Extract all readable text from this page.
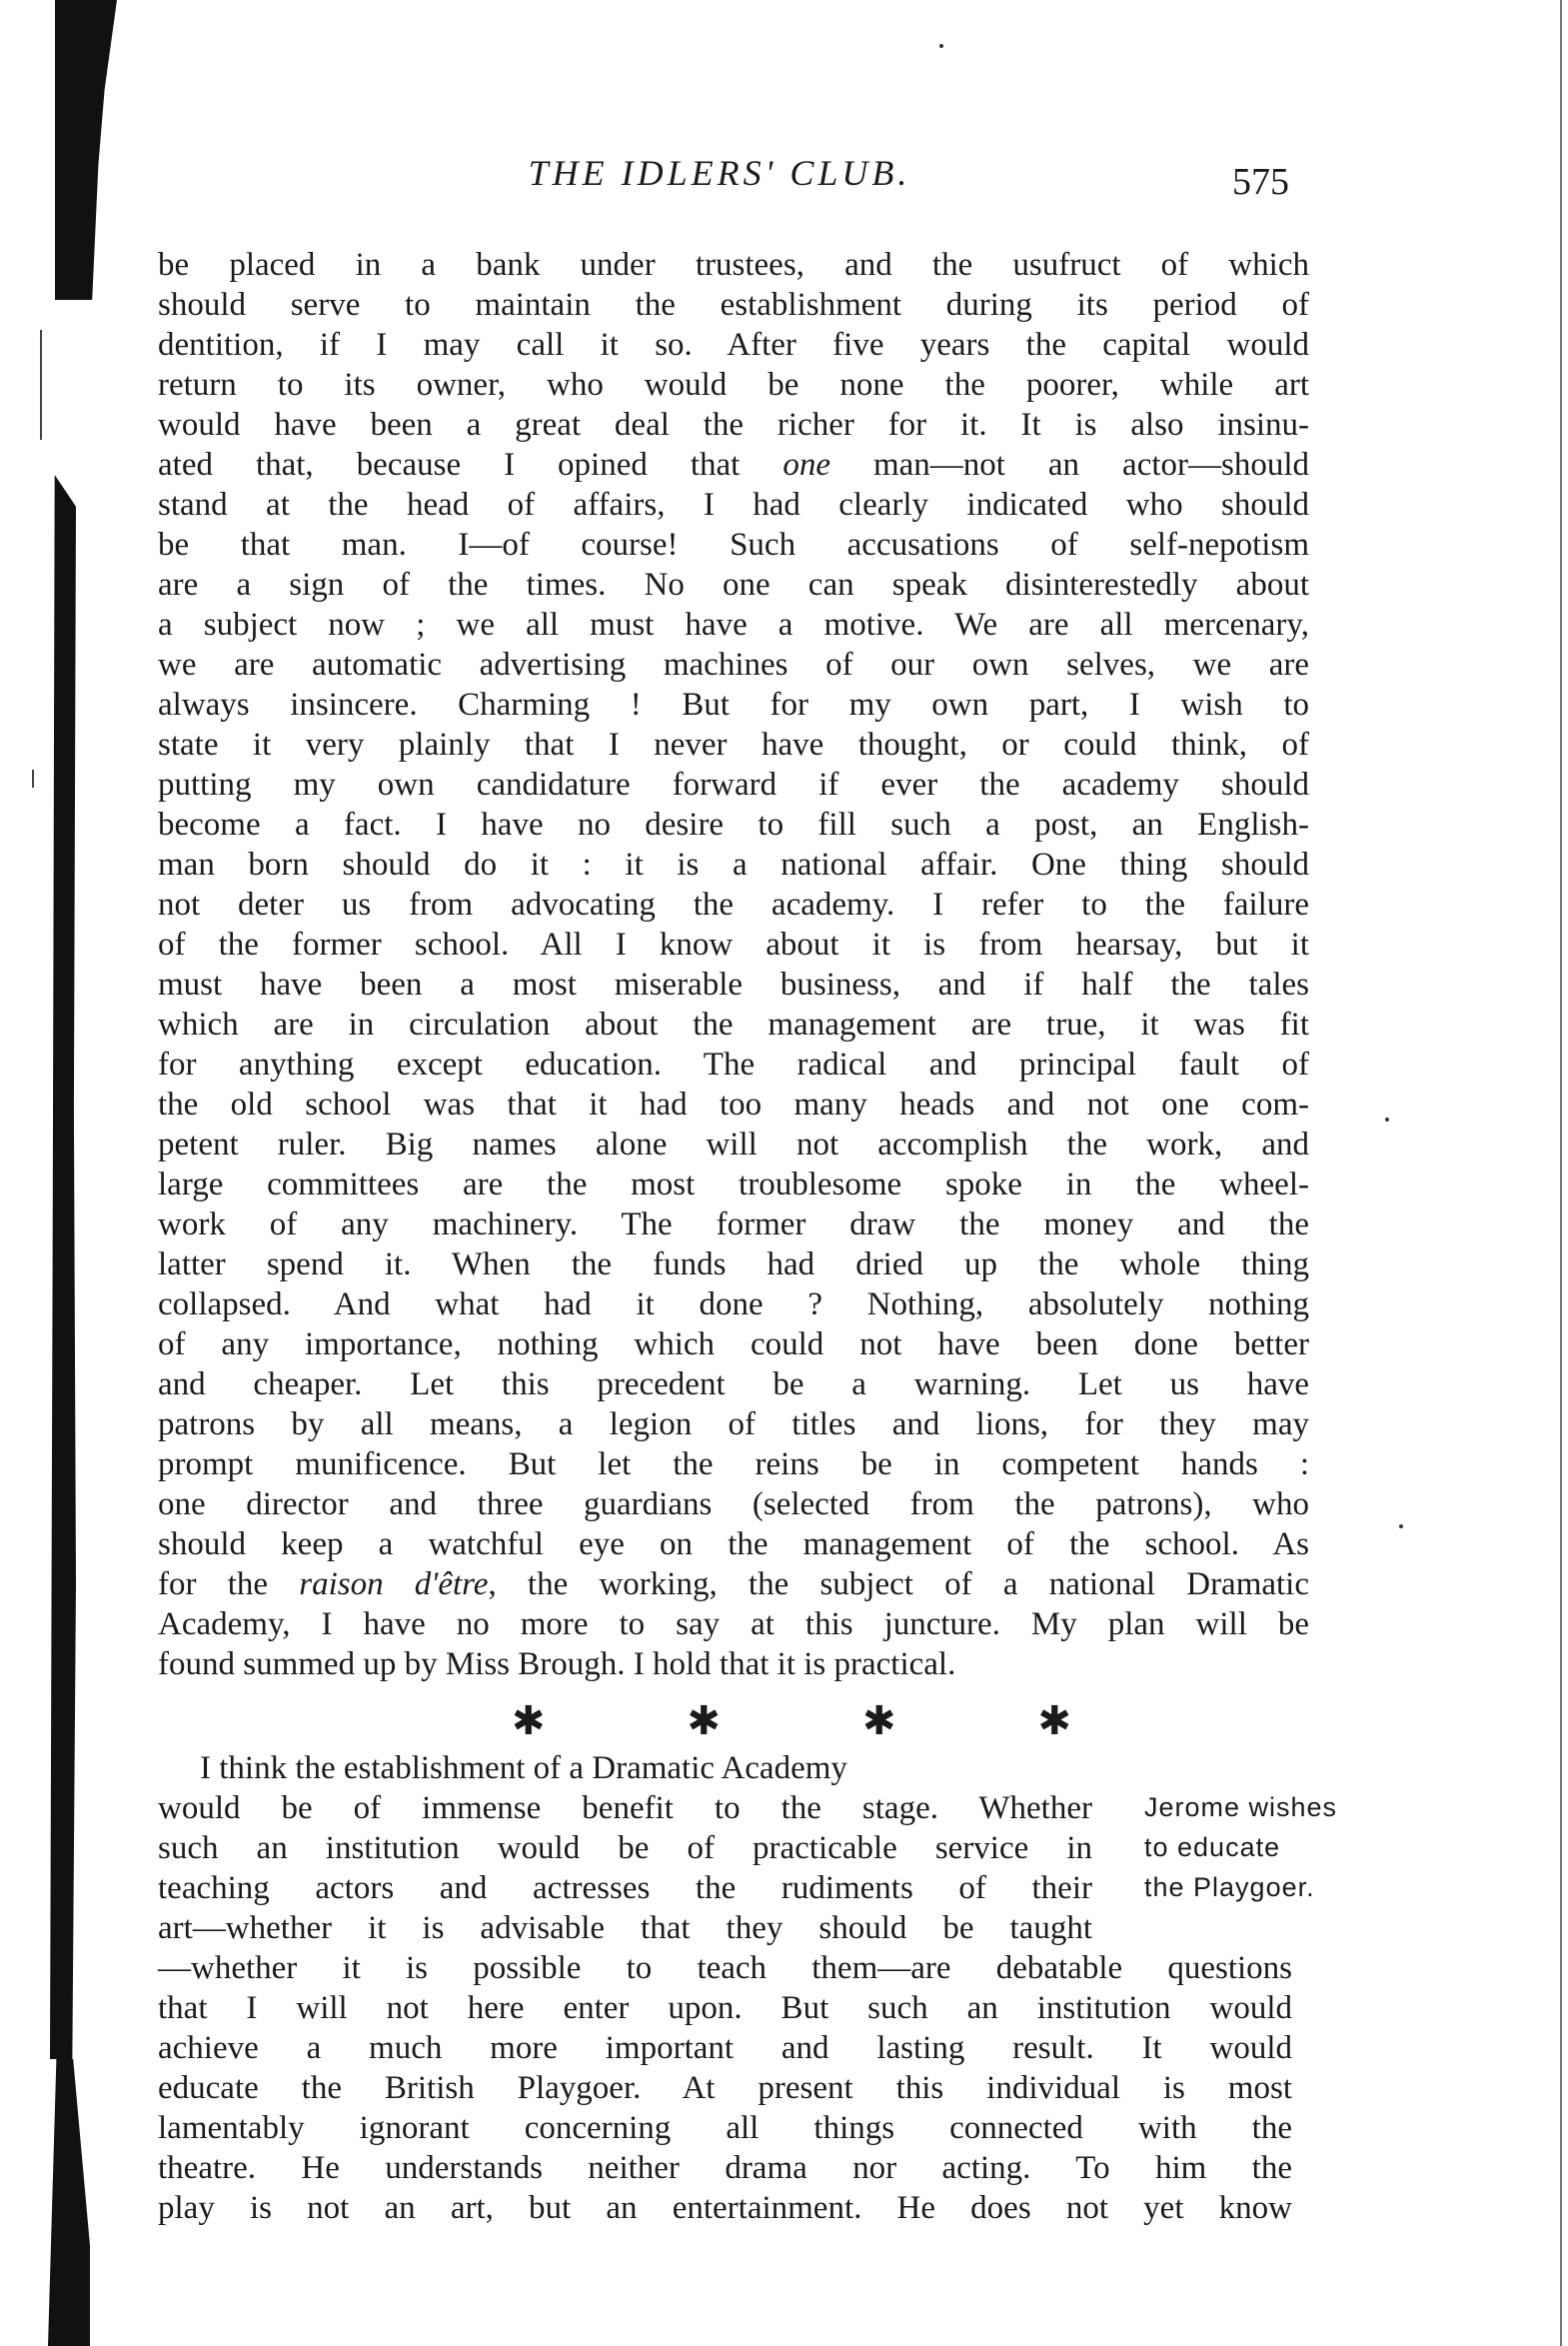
THE IDLERS' CLUB.	575
be placed in a bank under trustees, and the usufruct of which
should serve to maintain the establishment during its period of
dentition, if I may call it so. After five years the capital would
return to its owner, who would be none the poorer, while art
would have been a great deal the richer for it. It is also insinu-
ated that, because I opined that one man—not an actor—should
stand at the head of affairs, I had clearly indicated who should
be that man. I—of course! Such accusations of self-nepotism
are a sign of the times. No one can speak disinterestedly about
a subject now ; we all must have a motive. We are all mercenary,
we are automatic advertising machines of our own selves, we are
always insincere. Charming ! But for my own part, I wish to
state it very plainly that I never have thought, or could think, of
putting my own candidature forward if ever the academy should
become a fact. I have no desire to fill such a post, an English-
man born should do it : it is a national affair. One thing should
not deter us from advocating the academy. I refer to the failure
of the former school. All I know about it is from hearsay, but it
must have been a most miserable business, and if half the tales
which are in circulation about the management are true, it was fit
for anything except education. The radical and principal fault of
the old school was that it had too many heads and not one com-
petent ruler. Big names alone will not accomplish the work, and
large committees are the most troublesome spoke in the wheel-
work of any machinery. The former draw the money and the
latter spend it. When the funds had dried up the whole thing
collapsed. And what had it done ? Nothing, absolutely nothing
of any importance, nothing which could not have been done better
and cheaper. Let this precedent be a warning. Let us have
patrons by all means, a legion of titles and lions, for they may
prompt munificence. But let the reins be in competent hands :
one director and three guardians (selected from the patrons), who
should keep a watchful eye on the management of the school. As
for the raison d'être, the working, the subject of a national Dramatic
Academy, I have no more to say at this juncture. My plan will be
found summed up by Miss Brough. I hold that it is practical.
✱	✱	✱	✱
I think the establishment of a Dramatic Academy
would be of immense benefit to the stage. Whether
such an institution would be of practicable service in
teaching actors and actresses the rudiments of their
art—whether it is advisable that they should be taught
—whether it is possible to teach them—are debatable questions
that I will not here enter upon. But such an institution would
achieve a much more important and lasting result. It would
educate the British Playgoer. At present this individual is most
lamentably ignorant concerning all things connected with the
theatre. He understands neither drama nor acting. To him the
play is not an art, but an entertainment. He does not yet know
Jerome wishes
to educate
the Playgoer.
